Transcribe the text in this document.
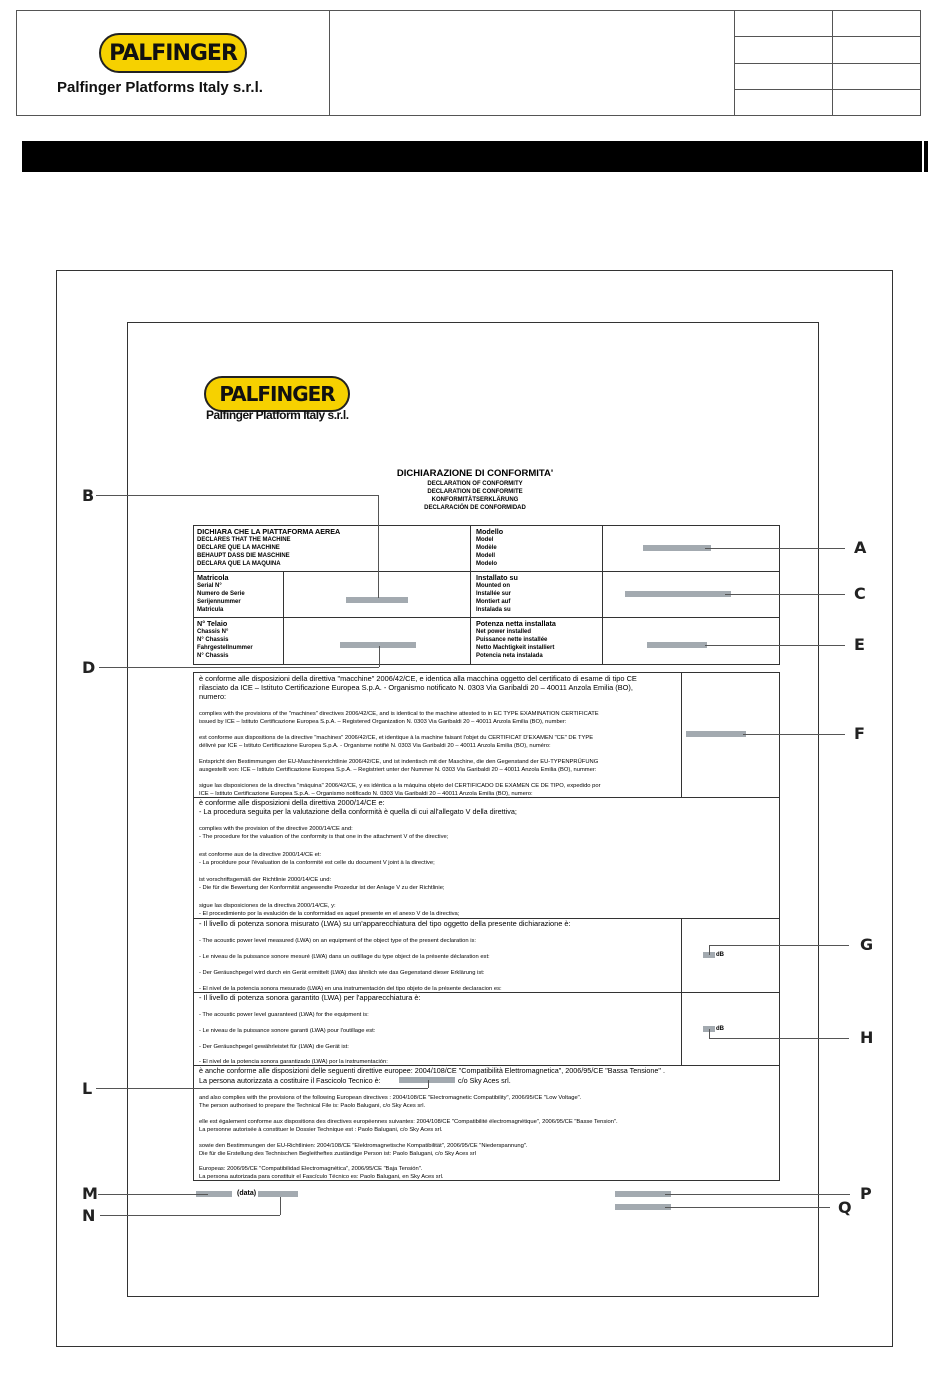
PALFINGER
Palfinger Platforms Italy s.r.l.
PALFINGER
Palfinger Platform Italy s.r.l.
DICHIARAZIONE DI CONFORMITA'
DECLARATION OF CONFORMITY
DECLARATION DE CONFORMITE
KONFORMITÄTSERKLÄRUNG
DECLARACIÓN DE CONFORMIDAD
DICHIARA CHE LA PIATTAFORMA AEREA
DECLARES THAT THE MACHINE
DECLARE QUE LA MACHINE
BEHAUPT DASS DIE MASCHINE
DECLARA QUE LA MAQUINA
Modello
Model
Modèle
Modell
Modelo
Matricola
Serial N°
Numero de Serie
Serijennummer
Matricula
Installato su
Mounted on
Installée sur
Montiert auf
Instalada su
N° Telaio
Chassis N°
N° Chassis
Fahrgestellnummer
N° Chassis
Potenza netta installata
Net power installed
Puissance nette installée
Netto Machtigkeit installiert
Potencia neta instalada
è conforme alle disposizioni della direttiva "macchine" 2006/42/CE, e identica alla macchina oggetto del certificato di esame di tipo CE
rilasciato da ICE – Istituto Certificazione Europea S.p.A. - Organismo notificato N. 0303 Via Garibaldi 20 – 40011 Anzola Emilia (BO),
numero:
complies with the provisions of the "machines" directives 2006/42/CE, and is identical to the machine attested to in EC TYPE EXAMINATION CERTIFICATE
issued by ICE – Istituto Certificazione Europea S.p.A. – Registered Organization N. 0303 Via Garibaldi 20 – 40011 Anzola Emilia (BO), number:
est conforme aux dispositions de la directive "machines" 2006/42/CE, et identique à la machine faisant l'objet du CERTIFICAT D'EXAMEN "CE" DE TYPE
délivré par ICE – Istituto Certificazione Europea S.p.A. - Organisme notifié N. 0303 Via Garibaldi 20 – 40011 Anzola Emilia (BO), numéro:
Entspricht den Bestimmungen der EU-Maschinenrichtlinie 2006/42/CE, und ist indentisch mit der Maschine, die den Gegenstand der EU-TYPENPRÜFUNG
ausgestellt von: ICE – Istituto Certificazione Europea S.p.A. – Registriert unter der Nummer N. 0303 Via Garibaldi 20 – 40011 Anzola Emilia (BO), nummer:
sigue las disposiciones de la directiva "máquina" 2006/42/CE, y es idéntica a la máquina objeto del CERTIFICADO DE EXAMEN CE DE TIPO, expedido por
ICE – Istituto Certificazione Europea S.p.A. – Organismo notificado N. 0303 Via Garibaldi 20 – 40011 Anzola Emilia (BO), numero:
è conforme alle disposizioni della direttiva 2000/14/CE e:
- La procedura seguita per la valutazione della conformità è quella di cui all'allegato V della direttiva;
complies with the provision of the directive 2000/14/CE and:
- The procedure for the valuation of the conformity is that one in the attachment V of the directive;
est conforme aux de la directive 2000/14/CE et:
- La procédure pour l'évaluation de la conformité est celle du document V joint à la directive;
ist vorschriftsgemäß der Richtlinie 2000/14/CE und:
- Die für die Bewertung der Konformität angewendte Prozedur ist der Anlage V zu der Richtlinie;
sigue las disposiciones de la directiva 2000/14/CE, y:
- El procedimiento por la evalución de la conformidad es aquel presente en el anexo V de la directiva;
- Il livello di potenza sonora misurato (LWA) su un'apparecchiatura del tipo oggetto della presente dichiarazione è:
- The acoustic power level measured (LWA) on an equipment of the object type of the present declaration is:
- Le niveau de la puissance sonore mesuré (LWA) dans un outillage du type object de la présente déclaration est:
- Der Geräuschpegel wird durch ein Gerät ermittelt (LWA) das ähnlich wie das Gegenstand dieser Erklärung ist:
- El nivel de la potencia sonora mesurado (LWA) en una instrumentación del tipo objeto de la présente declaracion es:
dB
- Il livello di potenza sonora garantito (LWA) per l'apparecchiatura è:
- The acoustic power level guaranteed (LWA) for the equipment is:
- Le niveau de la puissance sonore garanti (LWA) pour l'outillage est:
- Der Geräuschpegel gewährleistet für (LWA) die Gerät ist:
- El nivel de la potencia sonora garantizado (LWA) por la instrumentación:
dB
è anche conforme alle disposizioni delle seguenti direttive europee: 2004/108/CE "Compatibilità Elettromagnetica", 2006/95/CE "Bassa Tensione" .
La persona autorizzata a costituire il Fascicolo Tecnico è:	c/o Sky Aces srl.
and also complies with the provisions of the following European directives : 2004/108/CE "Electromagnetic Compatibility", 2006/95/CE "Low Voltage".
The person authorised to prepare the Technical File is: Paolo Balugani, c/o Sky Aces srl.
elle est également conforme aux dispositions des directives européennes suivantes: 2004/108/CE "Compatibilité électromagnétique", 2006/95/CE "Basse Tension".
La personne autorisée à constituer le Dossier Technique est : Paolo Balugani, c/o Sky Aces srl.
sowie den Bestimmungen der EU-Richtlinien: 2004/108/CE "Elektromagnetische Kompatibilität", 2006/95/CE "Niederspannung".
Die für die Erstellung des Technischen Begleitheftes zuständige Person ist: Paolo Balugani, c/o Sky Aces srl
Europeas: 2006/95/CE "Compatibilidad Electromagnética", 2006/95/CE "Baja Tensión".
La persona autorizada para constituir el Fascículo Técnico es: Paolo Balugani, en Sky Aces srl.
(data)
A
B
C
D
E
F
G
H
L
M
N
P
Q
